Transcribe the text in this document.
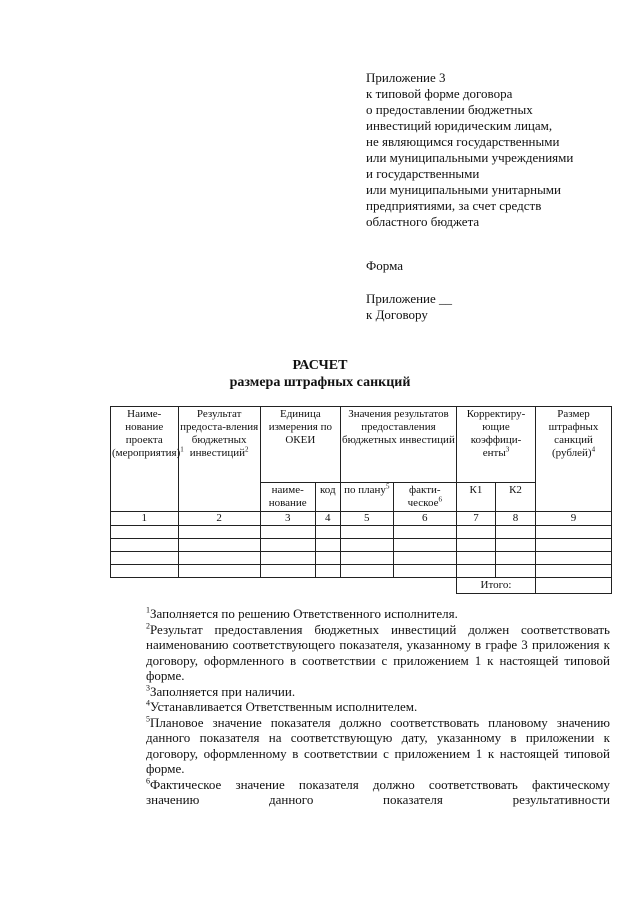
Приложение 3
к типовой форме договора
о предоставлении бюджетных
инвестиций юридическим лицам,
не являющимся государственными
или муниципальными учреждениями
и государственными
или муниципальными унитарными
предприятиями, за счет средств
областного бюджета
Форма
Приложение __
к Договору
РАСЧЕТ
размера штрафных санкций
Наиме-нование проекта (мероприятия)$^1$	Результат предоста-вления бюджетных инвестиций$^2$	Единица измерения по ОКЕИ		Значения результатов предоставления бюджетных инвестиций		Корректиру-ющие коэффици-енты$^3$		Размер штрафных санкций (рублей)$^4$
		наиме-нование	код	по плану$^5$	факти-ческое$^6$	К1	К2	
1	2	3	4	5	6	7	8	9

						Итого:		

$^1$Заполняется по решению Ответственного исполнителя.

$^2$Результат предоставления бюджетных инвестиций должен соответствовать наименованию соответствующего показателя, указанному в графе 3 приложения к договору, оформленного в соответствии с приложением 1 к настоящей типовой форме.

$^3$Заполняется при наличии.

$^4$Устанавливается Ответственным исполнителем.

$^5$Плановое значение показателя должно соответствовать плановому значению данного показателя на соответствующую дату, указанному в приложении к договору, оформленному в соответствии с приложением 1 к настоящей типовой форме.

$^6$Фактическое значение показателя должно соответствовать фактическому значению данного показателя результативности
